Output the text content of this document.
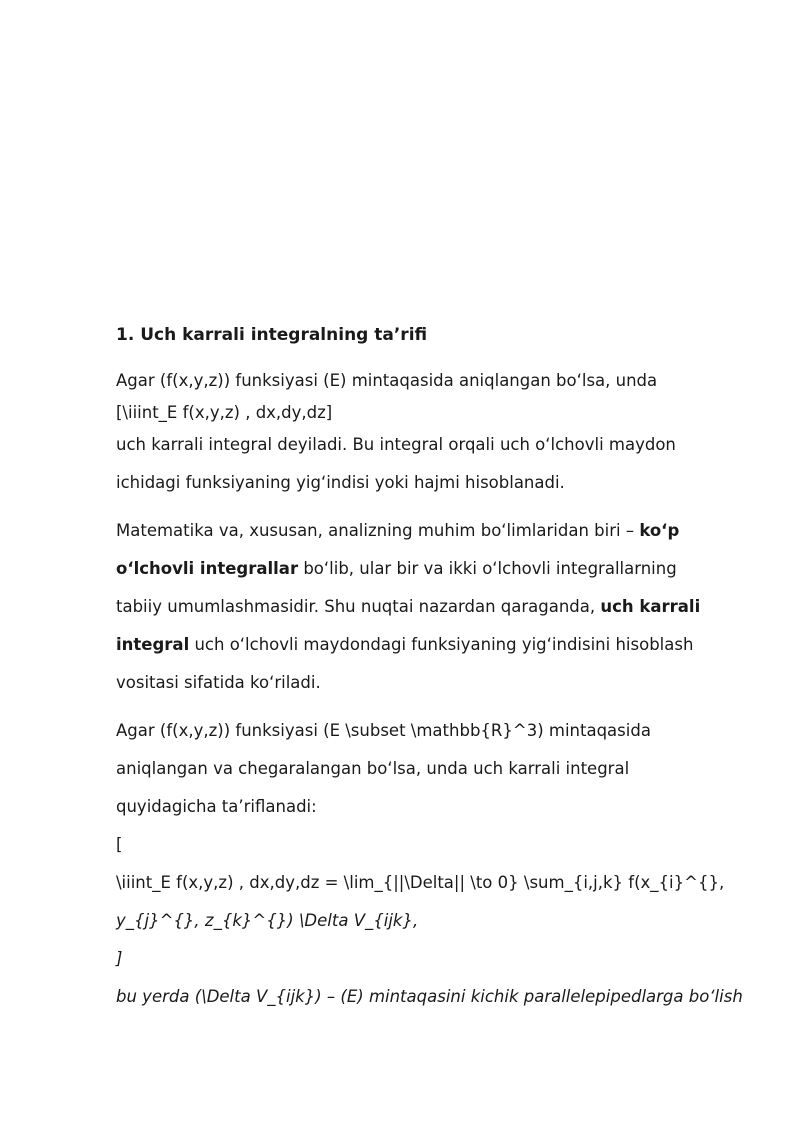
1. Uch karrali integralning ta’rifi
Agar (f(x,y,z)) funksiyasi (E) mintaqasida aniqlangan bo‘lsa, unda
[\iiint_E f(x,y,z) , dx,dy,dz]
uch karrali integral deyiladi. Bu integral orqali uch o‘lchovli maydon
ichidagi funksiyaning yig‘indisi yoki hajmi hisoblanadi.
Matematika va, xususan, analizning muhim bo‘limlaridan biri – ko‘p
o‘lchovli integrallar bo‘lib, ular bir va ikki o‘lchovli integrallarning
tabiiy umumlashmasidir. Shu nuqtai nazardan qaraganda, uch karrali
integral uch o‘lchovli maydondagi funksiyaning yig‘indisini hisoblash
vositasi sifatida ko‘riladi.
Agar (f(x,y,z)) funksiyasi (E \subset \mathbb{R}^3) mintaqasida
aniqlangan va chegaralangan bo‘lsa, unda uch karrali integral
quyidagicha ta’riflanadi:
[
\iiint_E f(x,y,z) , dx,dy,dz = \lim_{||\Delta|| \to 0} \sum_{i,j,k} f(x_{i}^{},
y_{j}^{}, z_{k}^{}) \Delta V_{ijk},
]
bu yerda (\Delta V_{ijk}) – (E) mintaqasini kichik parallelepipedlarga bo‘lish
